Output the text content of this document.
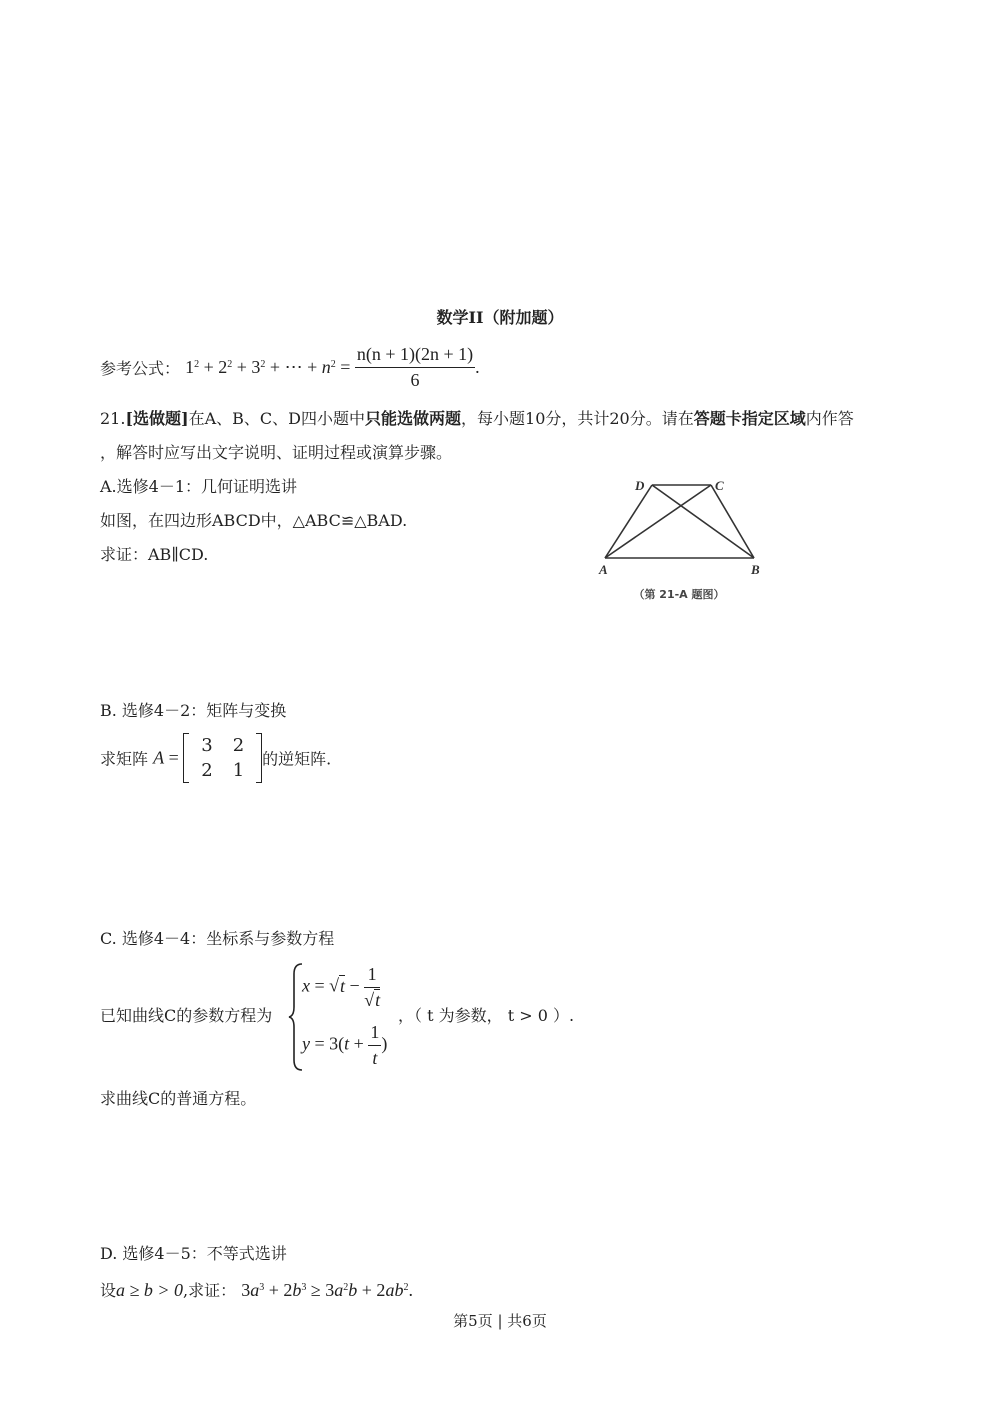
数学II（附加题）
参考公式： $1^2 + 2^2 + 3^2$ + ⋯ + $n^2 = \frac{n(n + 1)(2n + 1)}{6}$ .
21.[选做题]在A、B、C、D四小题中只能选做两题，每小题10分，共计20分。请在答题卡指定区域内作答
，解答时应写出文字说明、证明过程或演算步骤。
A.选修4－1：几何证明选讲
如图，在四边形ABCD中，△ABC≌△BAD.
求证：AB∥CD.
D	C
A	B
（第 21-A 题图）
B. 选修4－2：矩阵与变换
求矩阵 A =
3	2
2	1
的逆矩阵.
C. 选修4－4：坐标系与参数方程
已知曲线C的参数方程为
$x = √t - \frac{1}{√t}$
$y = 3(t + \frac{1}{t}$ )
，（ t 为参数， t > 0 ）.
求曲线C的普通方程。
D. 选修4－5：不等式选讲
设a ≥ b > 0,求证： $3a^3 + 2b^3 \ge 3a^2b + 2ab^2$.
第5页 | 共6页
